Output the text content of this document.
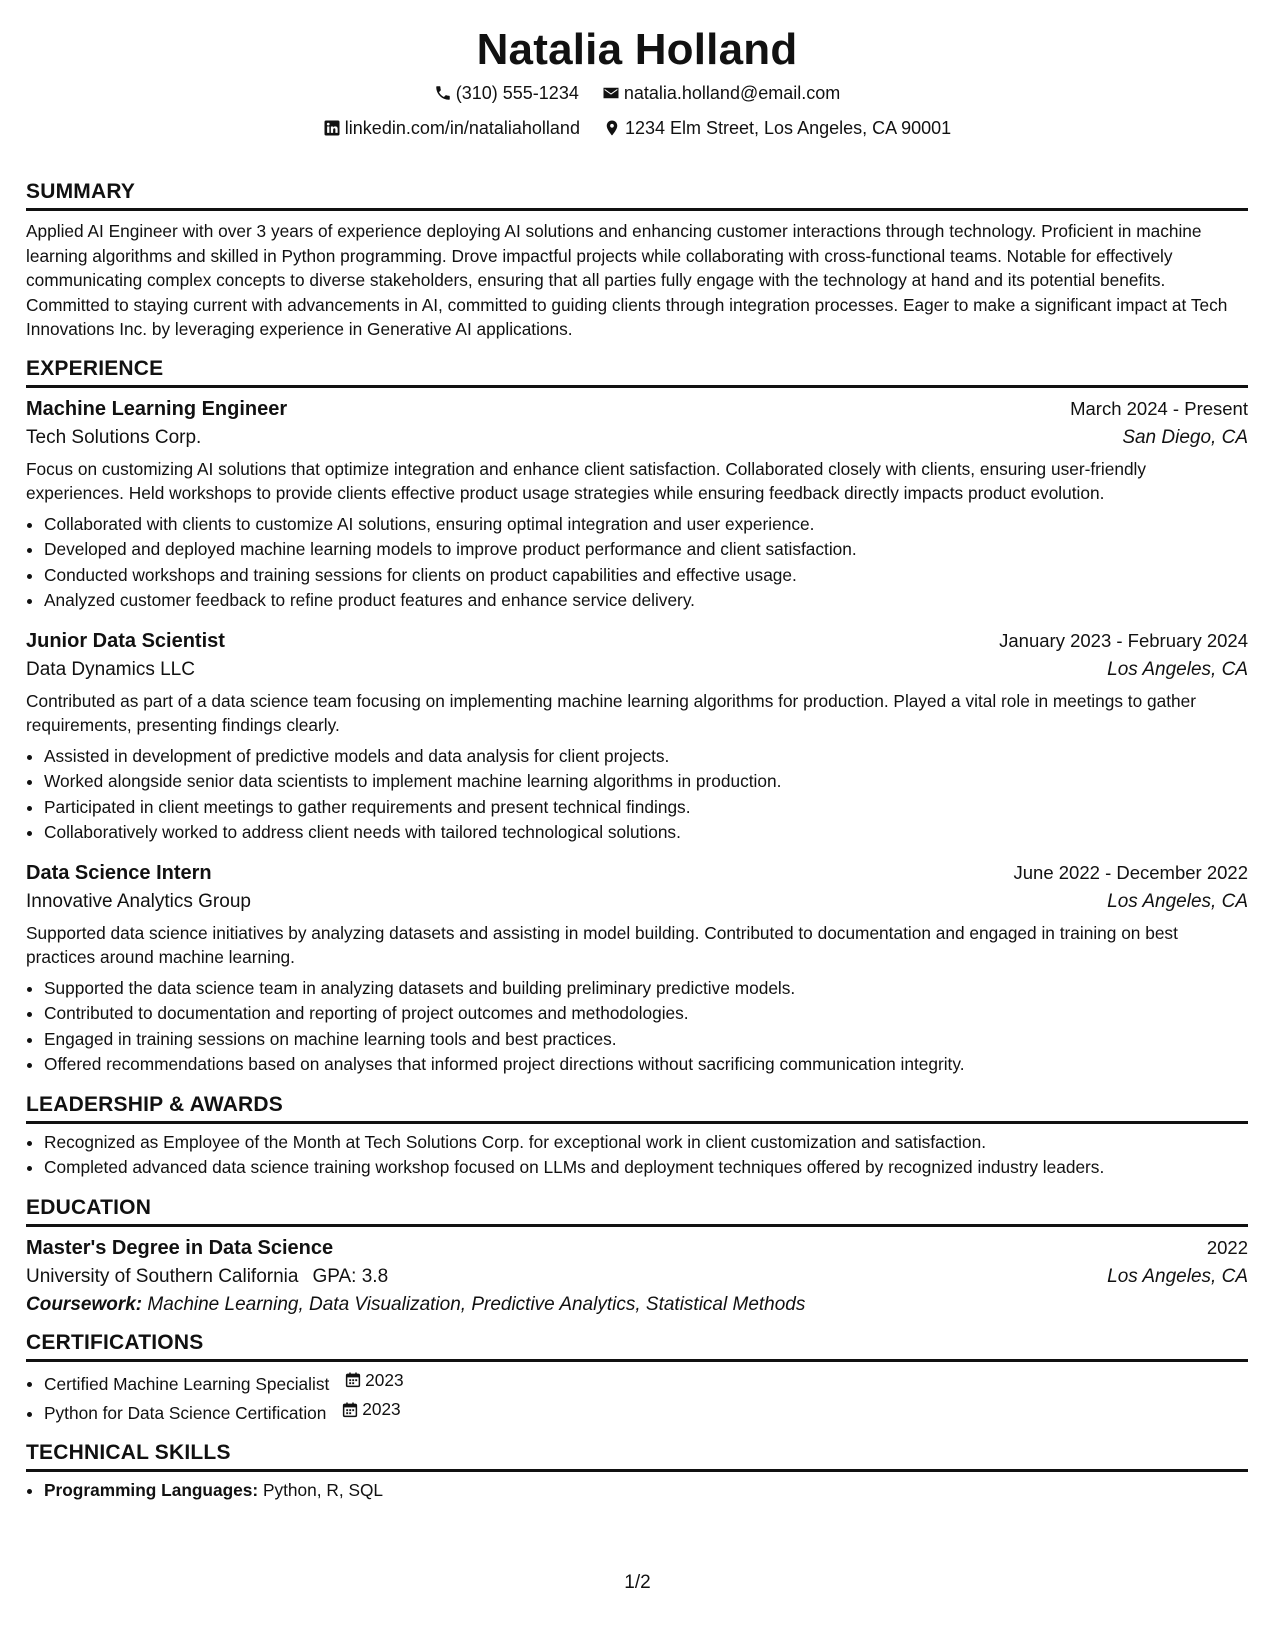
Natalia Holland
(310) 555-1234
	natalia.holland@email.com
linkedin.com/in/nataliaholland
	1234 Elm Street, Los Angeles, CA 90001
SUMMARY

Applied AI Engineer with over 3 years of experience deploying AI solutions and enhancing customer interactions through technology. Proficient in machine learning algorithms and skilled in Python programming. Drove impactful projects while collaborating with cross-functional teams. Notable for effectively communicating complex concepts to diverse stakeholders, ensuring that all parties fully engage with the technology at hand and its potential benefits. Committed to staying current with advancements in AI, committed to guiding clients through integration processes. Eager to make a significant impact at Tech Innovations Inc. by leveraging experience in Generative AI applications.

EXPERIENCE
Machine Learning Engineer	March 2024 - Present
Tech Solutions Corp.	San Diego, CA

Focus on customizing AI solutions that optimize integration and enhance client satisfaction. Collaborated closely with clients, ensuring user-friendly experiences. Held workshops to provide clients effective product usage strategies while ensuring feedback directly impacts product evolution.

• Collaborated with clients to customize AI solutions, ensuring optimal integration and user experience.
• Developed and deployed machine learning models to improve product performance and client satisfaction.
• Conducted workshops and training sessions for clients on product capabilities and effective usage.
• Analyzed customer feedback to refine product features and enhance service delivery.
Junior Data Scientist	January 2023 - February 2024
Data Dynamics LLC	Los Angeles, CA

Contributed as part of a data science team focusing on implementing machine learning algorithms for production. Played a vital role in meetings to gather requirements, presenting findings clearly.

• Assisted in development of predictive models and data analysis for client projects.
• Worked alongside senior data scientists to implement machine learning algorithms in production.
• Participated in client meetings to gather requirements and present technical findings.
• Collaboratively worked to address client needs with tailored technological solutions.
Data Science Intern	June 2022 - December 2022
Innovative Analytics Group	Los Angeles, CA

Supported data science initiatives by analyzing datasets and assisting in model building. Contributed to documentation and engaged in training on best practices around machine learning.

• Supported the data science team in analyzing datasets and building preliminary predictive models.
• Contributed to documentation and reporting of project outcomes and methodologies.
• Engaged in training sessions on machine learning tools and best practices.
• Offered recommendations based on analyses that informed project directions without sacrificing communication integrity.
LEADERSHIP & AWARDS
• Recognized as Employee of the Month at Tech Solutions Corp. for exceptional work in client customization and satisfaction.
• Completed advanced data science training workshop focused on LLMs and deployment techniques offered by recognized industry leaders.
EDUCATION
Master's Degree in Data Science	2022
University of Southern California GPA: 3.8	Los Angeles, CA
Coursework: Machine Learning, Data Visualization, Predictive Analytics, Statistical Methods
CERTIFICATIONS
• Certified Machine Learning Specialist 2023
• Python for Data Science Certification 2023
TECHNICAL SKILLS
• Programming Languages: Python, R, SQL
1/2
